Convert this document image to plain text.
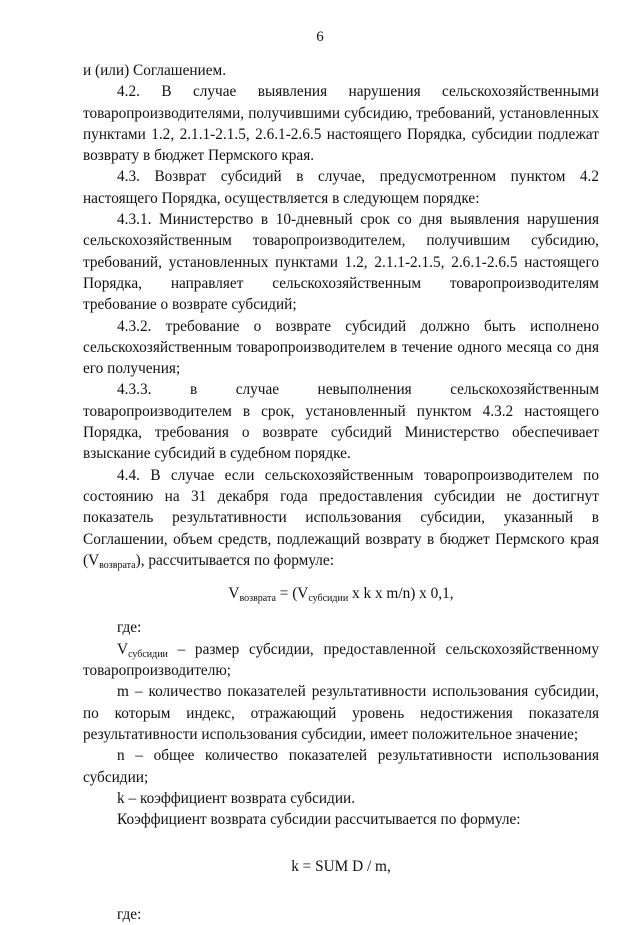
6

и (или) Соглашением.

4.2. В случае выявления нарушения сельскохозяйственными товаропроизводителями, получившими субсидию, требований, установленных пунктами 1.2, 2.1.1-2.1.5, 2.6.1-2.6.5 настоящего Порядка, субсидии подлежат возврату в бюджет Пермского края.

4.3. Возврат субсидий в случае, предусмотренном пунктом 4.2 настоящего Порядка, осуществляется в следующем порядке:

4.3.1. Министерство в 10-дневный срок со дня выявления нарушения сельскохозяйственным товаропроизводителем, получившим субсидию, требований, установленных пунктами 1.2, 2.1.1-2.1.5, 2.6.1-2.6.5 настоящего Порядка, направляет сельскохозяйственным товаропроизводителям требование о возврате субсидий;

4.3.2. требование о возврате субсидий должно быть исполнено сельскохозяйственным товаропроизводителем в течение одного месяца со дня его получения;

4.3.3. в случае невыполнения сельскохозяйственным товаропроизводителем в срок, установленный пунктом 4.3.2 настоящего Порядка, требования о возврате субсидий Министерство обеспечивает взыскание субсидий в судебном порядке.

4.4. В случае если сельскохозяйственным товаропроизводителем по состоянию на 31 декабря года предоставления субсидии не достигнут показатель результативности использования субсидии, указанный в Соглашении, объем средств, подлежащий возврату в бюджет Пермского края $(V_{возврата})$, рассчитывается по формуле:

$V_{возврата} = (V_{субсидии}$ x k x m/n) x 0,1,

где:

$V_{субсидии}$ – размер субсидии, предоставленной сельскохозяйственному товаропроизводителю;

m – количество показателей результативности использования субсидии, по которым индекс, отражающий уровень недостижения показателя результативности использования субсидии, имеет положительное значение;

n – общее количество показателей результативности использования субсидии;

k – коэффициент возврата субсидии.

Коэффициент возврата субсидии рассчитывается по формуле:

k = SUM D / m,

где:
